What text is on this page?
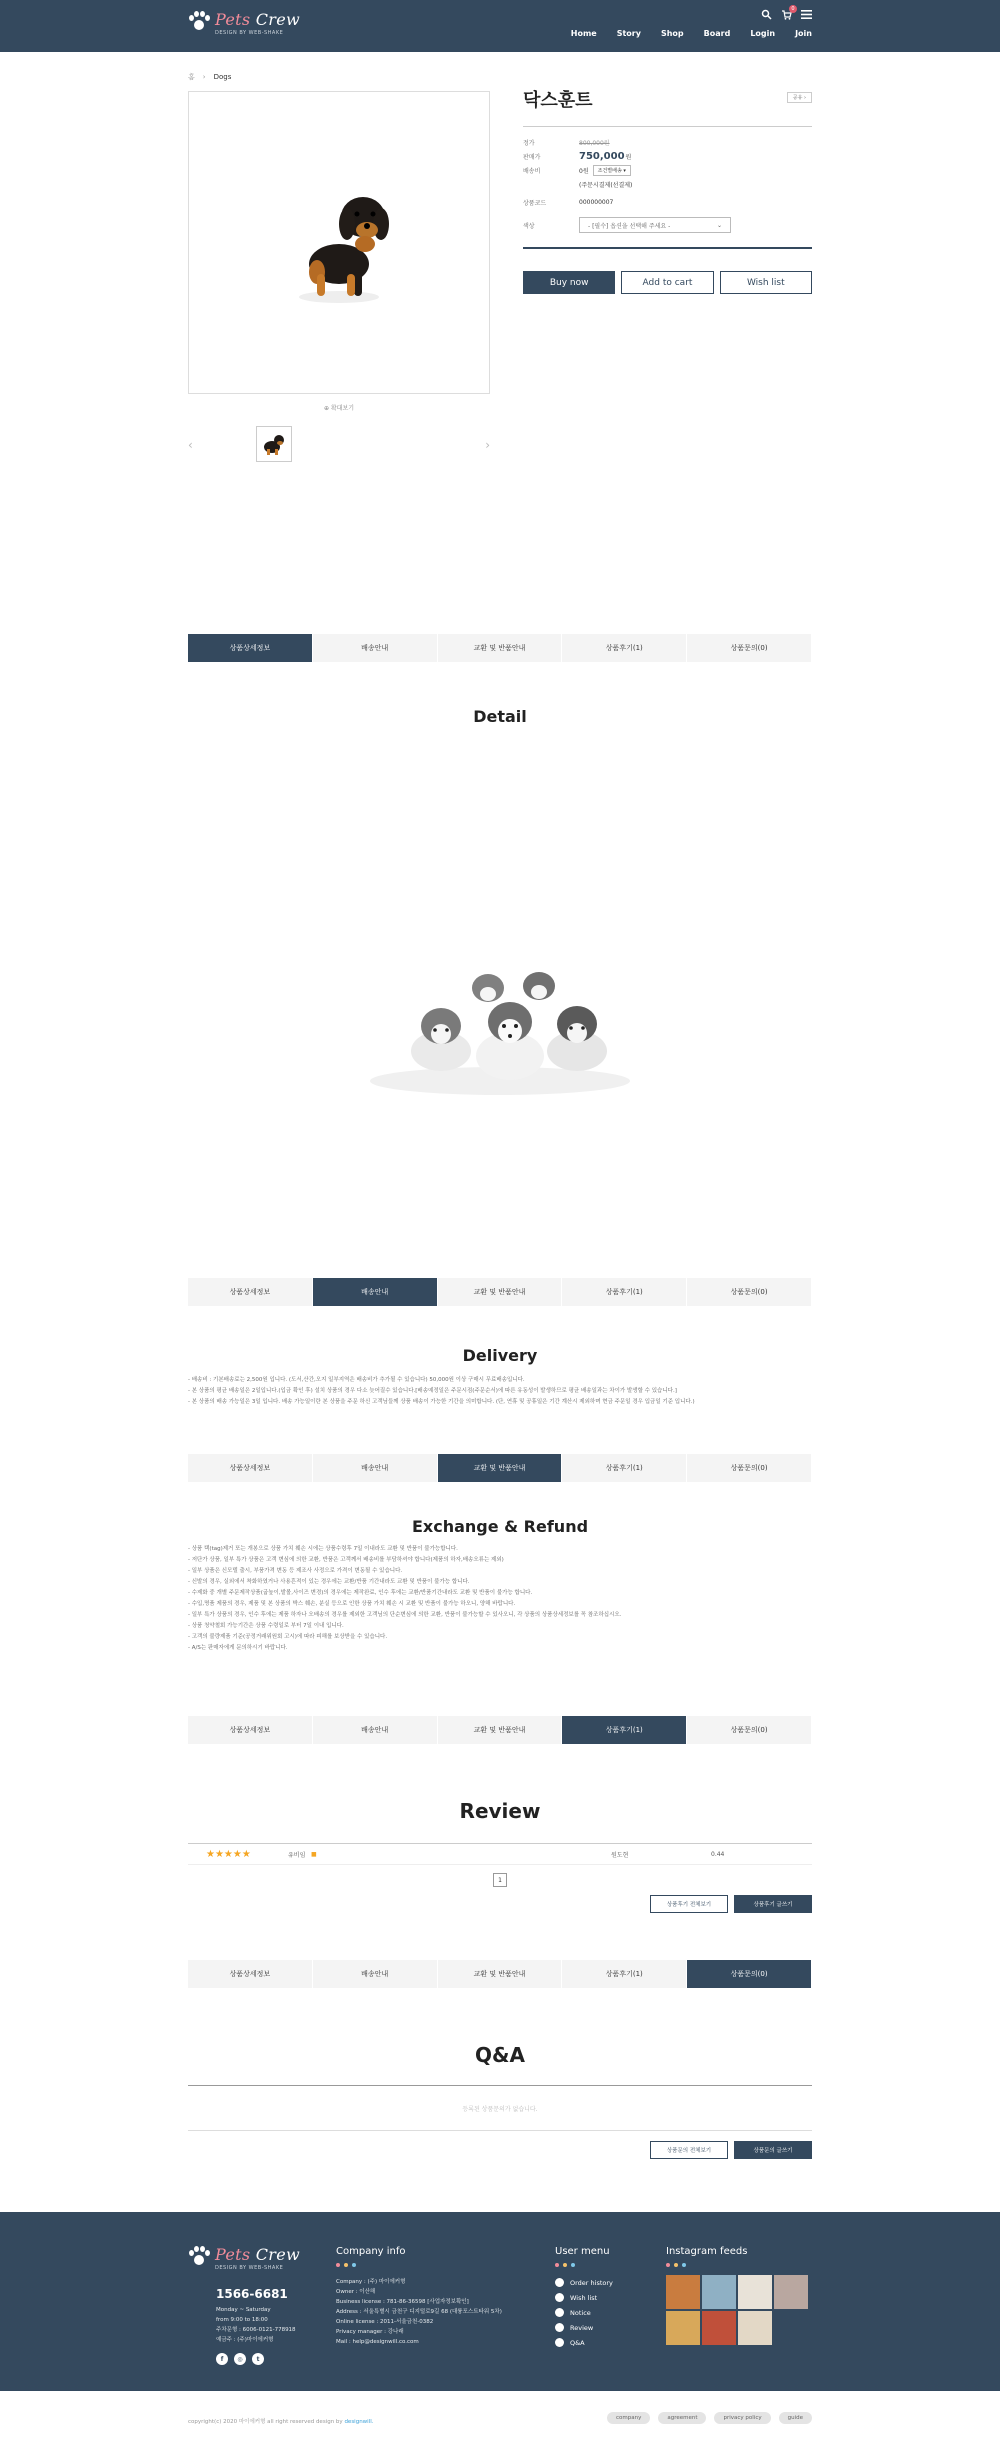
Pets Crew
DESIGN BY WEB-SHAKE
0
Home	Story	Shop	Board	Login	Join
홈 › Dogs
⊕ 확대보기
‹	›
닥스훈트	공유 ›
정가	800,000원
판매가	750,000 원
배송비	0원	조건별배송 ▾
(주문시결제(선결제)
상품코드	000000007
색상	- [필수] 옵션을 선택해 주세요 -	⌄
Buy now	Add to cart	Wish list
상품상세정보	배송안내	교환 및 반품안내	상품후기(1)	상품문의(0)
Detail
상품상세정보	배송안내	교환 및 반품안내	상품후기(1)	상품문의(0)
Delivery

- 배송비 : 기본배송료는 2,500원 입니다. (도서,산간,오지 일부지역은 배송비가 추가될 수 있습니다) 50,000원 이상 구매시 무료배송입니다.

- 본 상품의 평균 배송일은 2일입니다.(입금 확인 후) 설치 상품의 경우 다소 늦어질수 있습니다.[배송예정일은 주문시점(주문순서)에 따른 유동성이 발생하므로 평균 배송일과는 차이가 발생할 수 있습니다.]

- 본 상품의 배송 가능일은 3일 입니다. 배송 가능일이란 본 상품을 주문 하신 고객님들께 상품 배송이 가능한 기간을 의미합니다. (단, 연휴 및 공휴일은 기간 계산시 제외하며 현금 주문일 경우 입금일 기준 입니다.)

상품상세정보	배송안내	교환 및 반품안내	상품후기(1)	상품문의(0)
Exchange & Refund

- 상품 택(tag)제거 또는 개봉으로 상품 가치 훼손 시에는 상품수령후 7일 이내라도 교환 및 반품이 불가능합니다.

- 저단가 상품, 일부 특가 상품은 고객 변심에 의한 교환, 반품은 고객께서 배송비를 부담하셔야 합니다(제품의 하자,배송오류는 제외)

- 일부 상품은 신모델 출시, 부품가격 변동 등 제조사 사정으로 가격이 변동될 수 있습니다.

- 신발의 경우, 실외에서 착화하였거나 사용흔적이 있는 경우에는 교환/반품 기간내라도 교환 및 반품이 불가능 합니다.

- 수제화 중 개별 주문제작상품(굽높이,발볼,사이즈 변경)의 경우에는 제작완료, 인수 후에는 교환/반품기간내라도 교환 및 반품이 불가능 합니다.

- 수입,명품 제품의 경우, 제품 및 본 상품의 박스 훼손, 분실 등으로 인한 상품 가치 훼손 시 교환 및 반품이 불가능 하오니, 양해 바랍니다.

- 일부 특가 상품의 경우, 인수 후에는 제품 하자나 오배송의 경우를 제외한 고객님의 단순변심에 의한 교환, 반품이 불가능할 수 있사오니, 각 상품의 상품상세정보를 꼭 참조하십시오.

- 상품 청약철회 가능기간은 상품 수령일로 부터 7일 이내 입니다.

- 고객의 불량제품 기준(공정거래위원회 고시)에 따라 피해를 보상받을 수 있습니다.

- A/S는 판매자에게 문의하시기 바랍니다.

상품상세정보	배송안내	교환 및 반품안내	상품후기(1)	상품문의(0)
Review
★★★★★	유비임 ■	원도현	0.44
1
상품후기 전체보기	상품후기 글쓰기
상품상세정보	배송안내	교환 및 반품안내	상품후기(1)	상품문의(0)
Q&A
등록된 상품문의가 없습니다.
상품문의 전체보기	상품문의 글쓰기
Pets Crew
DESIGN BY WEB-SHAKE
1566-6681

Monday ~ Saturday

from 9:00 to 18:00

주차문형 : 6006-0121-778918

예금주 : (주)마이에커형

f	◎	t
Company info

Company : (주) 마이에커형

Owner : 이산해

Business license : 781-86-36598 [사업자정보확인]

Address : 서울특별시 금천구 디지털로9길 68 (대륭포스트타워 5차)

Online license : 2011-서울금천-0382

Privacy manager : 강나래

Mail : help@designwill.co.com

User menu
Order history
Wish list
Notice
Review
Q&A
Instagram feeds
copyright(c) 2020 마이에커형 all right reserved design by designwill.
company	agreement	privacy policy	guide
